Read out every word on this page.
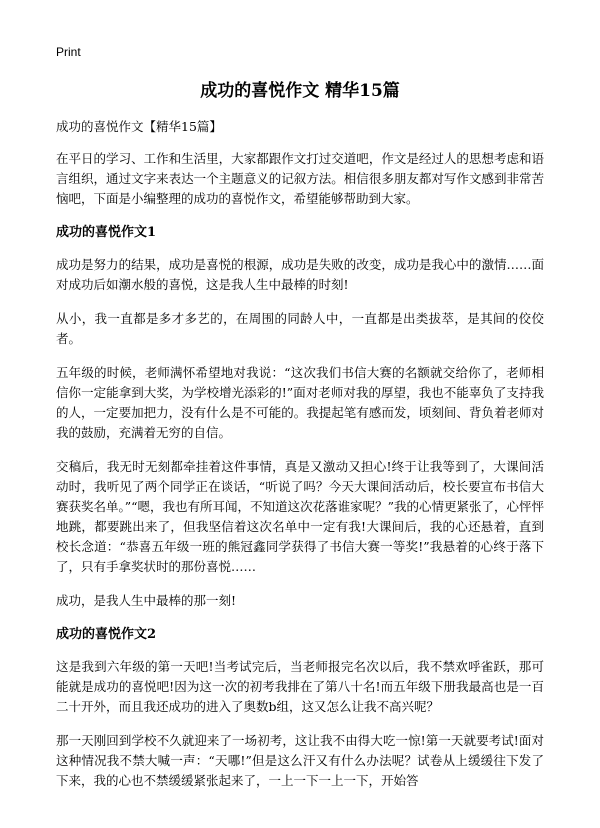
Print
成功的喜悦作文 精华15篇

成功的喜悦作文【精华15篇】

在平日的学习、工作和生活里，大家都跟作文打过交道吧，作文是经过人的思想考虑和语言组织，通过文字来表达一个主题意义的记叙方法。相信很多朋友都对写作文感到非常苦恼吧，下面是小编整理的成功的喜悦作文，希望能够帮助到大家。

成功的喜悦作文1

成功是努力的结果，成功是喜悦的根源，成功是失败的改变，成功是我心中的激情……面对成功后如潮水般的喜悦，这是我人生中最棒的时刻!

从小，我一直都是多才多艺的，在周围的同龄人中，一直都是出类拔萃，是其间的佼佼者。

五年级的时候，老师满怀希望地对我说：“这次我们书信大赛的名额就交给你了，老师相信你一定能拿到大奖，为学校增光添彩的!”面对老师对我的厚望，我也不能辜负了支持我的人，一定要加把力，没有什么是不可能的。我提起笔有感而发，顷刻间、背负着老师对我的鼓励，充满着无穷的自信。

交稿后，我无时无刻都牵挂着这件事情，真是又激动又担心!终于让我等到了，大课间活动时，我听见了两个同学正在谈话，“听说了吗？今天大课间活动后，校长要宣布书信大赛获奖名单。”“嗯，我也有所耳闻，不知道这次花落谁家呢？”我的心情更紧张了，心怦怦地跳，都要跳出来了，但我坚信着这次名单中一定有我!大课间后，我的心还悬着，直到校长念道：“恭喜五年级一班的熊冠鑫同学获得了书信大赛一等奖!”我悬着的心终于落下了，只有手拿奖状时的那份喜悦……

成功，是我人生中最棒的那一刻!

成功的喜悦作文2

这是我到六年级的第一天吧!当考试完后，当老师报完名次以后，我不禁欢呼雀跃，那可能就是成功的喜悦吧!因为这一次的初考我排在了第八十名!而五年级下册我最高也是一百二十开外，而且我还成功的进入了奥数b组，这又怎么让我不高兴呢？

那一天刚回到学校不久就迎来了一场初考，这让我不由得大吃一惊!第一天就要考试!面对这种情况我不禁大喊一声：“天哪!”但是这么汗又有什么办法呢？试卷从上缓缓往下发了下来，我的心也不禁缓缓紧张起来了，一上一下一上一下，开始答
